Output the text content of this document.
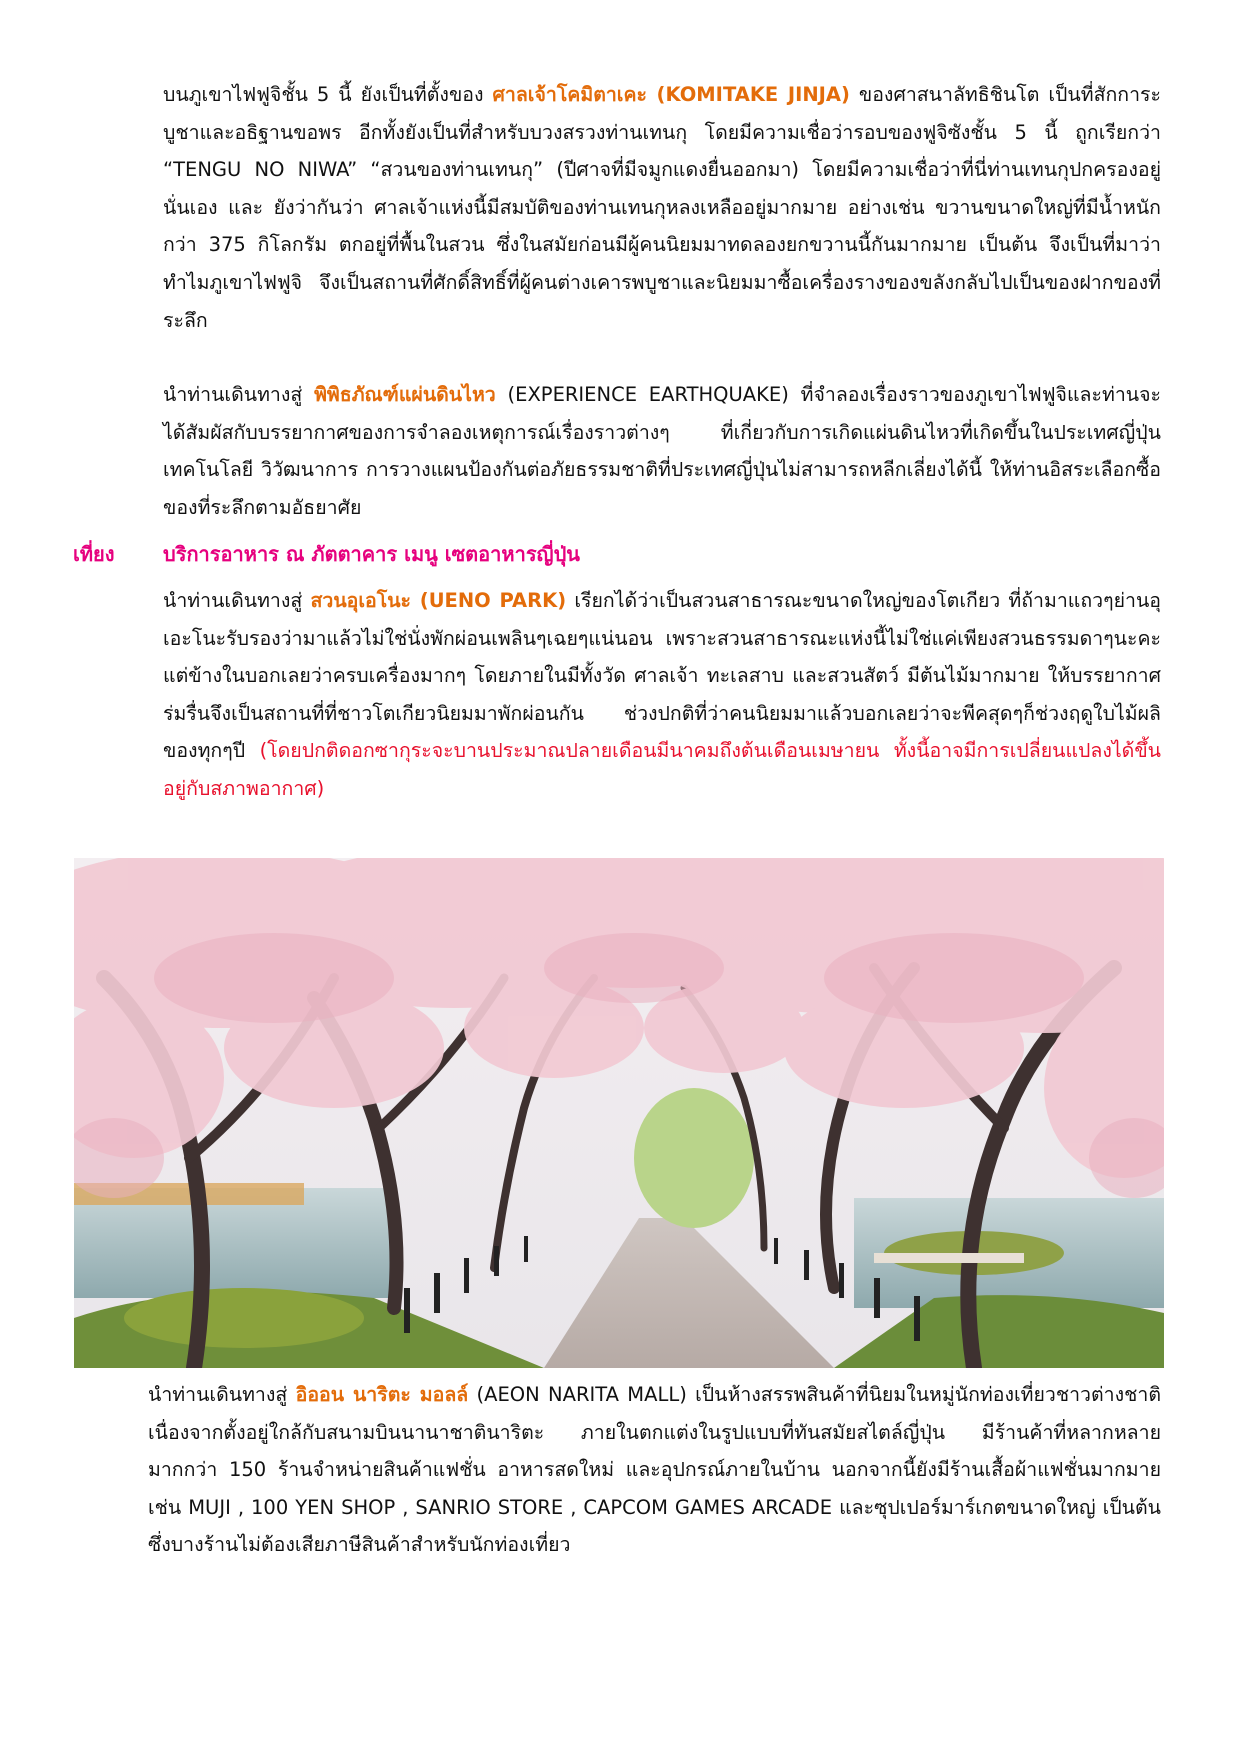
บนภูเขาไฟฟูจิชั้น 5 นี้ ยังเป็นที่ตั้งของ ศาลเจ้าโคมิตาเคะ (KOMITAKE JINJA) ของศาสนาลัทธิชินโต เป็นที่สักการะบูชาและอธิฐานขอพร อีกทั้งยังเป็นที่สำหรับบวงสรวงท่านเทนกุ โดยมีความเชื่อว่ารอบของฟูจิซังชั้น 5 นี้ ถูกเรียกว่า “TENGU NO NIWA” “สวนของท่านเทนกุ” (ปีศาจที่มีจมูกแดงยื่นออกมา) โดยมีความเชื่อว่าที่นี่ท่านเทนกุปกครองอยู่นั่นเอง และ ยังว่ากันว่า ศาลเจ้าแห่งนี้มีสมบัติของท่านเทนกุหลงเหลืออยู่มากมาย อย่างเช่น ขวานขนาดใหญ่ที่มีน้ำหนักกว่า 375 กิโลกรัม ตกอยู่ที่พื้นในสวน ซึ่งในสมัยก่อนมีผู้คนนิยมมาทดลองยกขวานนี้กันมากมาย เป็นต้น จึงเป็นที่มาว่าทำไมภูเขาไฟฟูจิ จึงเป็นสถานที่ศักดิ์สิทธิ์ที่ผู้คนต่างเคารพบูชาและนิยมมาซื้อเครื่องรางของขลังกลับไปเป็นของฝากของที่ระลึก

นำท่านเดินทางสู่ พิพิธภัณฑ์แผ่นดินไหว (EXPERIENCE EARTHQUAKE) ที่จำลองเรื่องราวของภูเขาไฟฟูจิและท่านจะได้สัมผัสกับบรรยากาศของการจำลองเหตุการณ์เรื่องราวต่างๆ ที่เกี่ยวกับการเกิดแผ่นดินไหวที่เกิดขึ้นในประเทศญี่ปุ่น เทคโนโลยี วิวัฒนาการ การวางแผนป้องกันต่อภัยธรรมชาติที่ประเทศญี่ปุ่นไม่สามารถหลีกเลี่ยงได้นี้ ให้ท่านอิสระเลือกซื้อของที่ระลึกตามอัธยาศัย

เที่ยง บริการอาหาร ณ ภัตตาคาร เมนู เซตอาหารญี่ปุ่น

นำท่านเดินทางสู่ สวนอุเอโนะ (UENO PARK) เรียกได้ว่าเป็นสวนสาธารณะขนาดใหญ่ของโตเกียว ที่ถ้ามาแถวๆย่านอุเอะโนะรับรองว่ามาแล้วไม่ใช่นั่งพักผ่อนเพลินๆเฉยๆแน่นอน เพราะสวนสาธารณะแห่งนี้ไม่ใช่แค่เพียงสวนธรรมดาๆนะคะ แต่ข้างในบอกเลยว่าครบเครื่องมากๆ โดยภายในมีทั้งวัด ศาลเจ้า ทะเลสาบ และสวนสัตว์ มีต้นไม้มากมาย ให้บรรยากาศร่มรื่นจึงเป็นสถานที่ที่ชาวโตเกียวนิยมมาพักผ่อนกัน ช่วงปกติที่ว่าคนนิยมมาแล้วบอกเลยว่าจะพีคสุดๆก็ช่วงฤดูใบไม้ผลิของทุกๆปี (โดยปกติดอกซากุระจะบานประมาณปลายเดือนมีนาคมถึงต้นเดือนเมษายน ทั้งนี้อาจมีการเปลี่ยนแปลงได้ขึ้นอยู่กับสภาพอากาศ)

นำท่านเดินทางสู่ อิออน นาริตะ มอลล์ (AEON NARITA MALL) เป็นห้างสรรพสินค้าที่นิยมในหมู่นักท่องเที่ยวชาวต่างชาติ เนื่องจากตั้งอยู่ใกล้กับสนามบินนานาชาตินาริตะ ภายในตกแต่งในรูปแบบที่ทันสมัยสไตล์ญี่ปุ่น มีร้านค้าที่หลากหลายมากกว่า 150 ร้านจำหน่ายสินค้าแฟชั่น อาหารสดใหม่ และอุปกรณ์ภายในบ้าน นอกจากนี้ยังมีร้านเสื้อผ้าแฟชั่นมากมาย เช่น MUJI , 100 YEN SHOP , SANRIO STORE , CAPCOM GAMES ARCADE และซุปเปอร์มาร์เกตขนาดใหญ่ เป็นต้น ซึ่งบางร้านไม่ต้องเสียภาษีสินค้าสำหรับนักท่องเที่ยว
